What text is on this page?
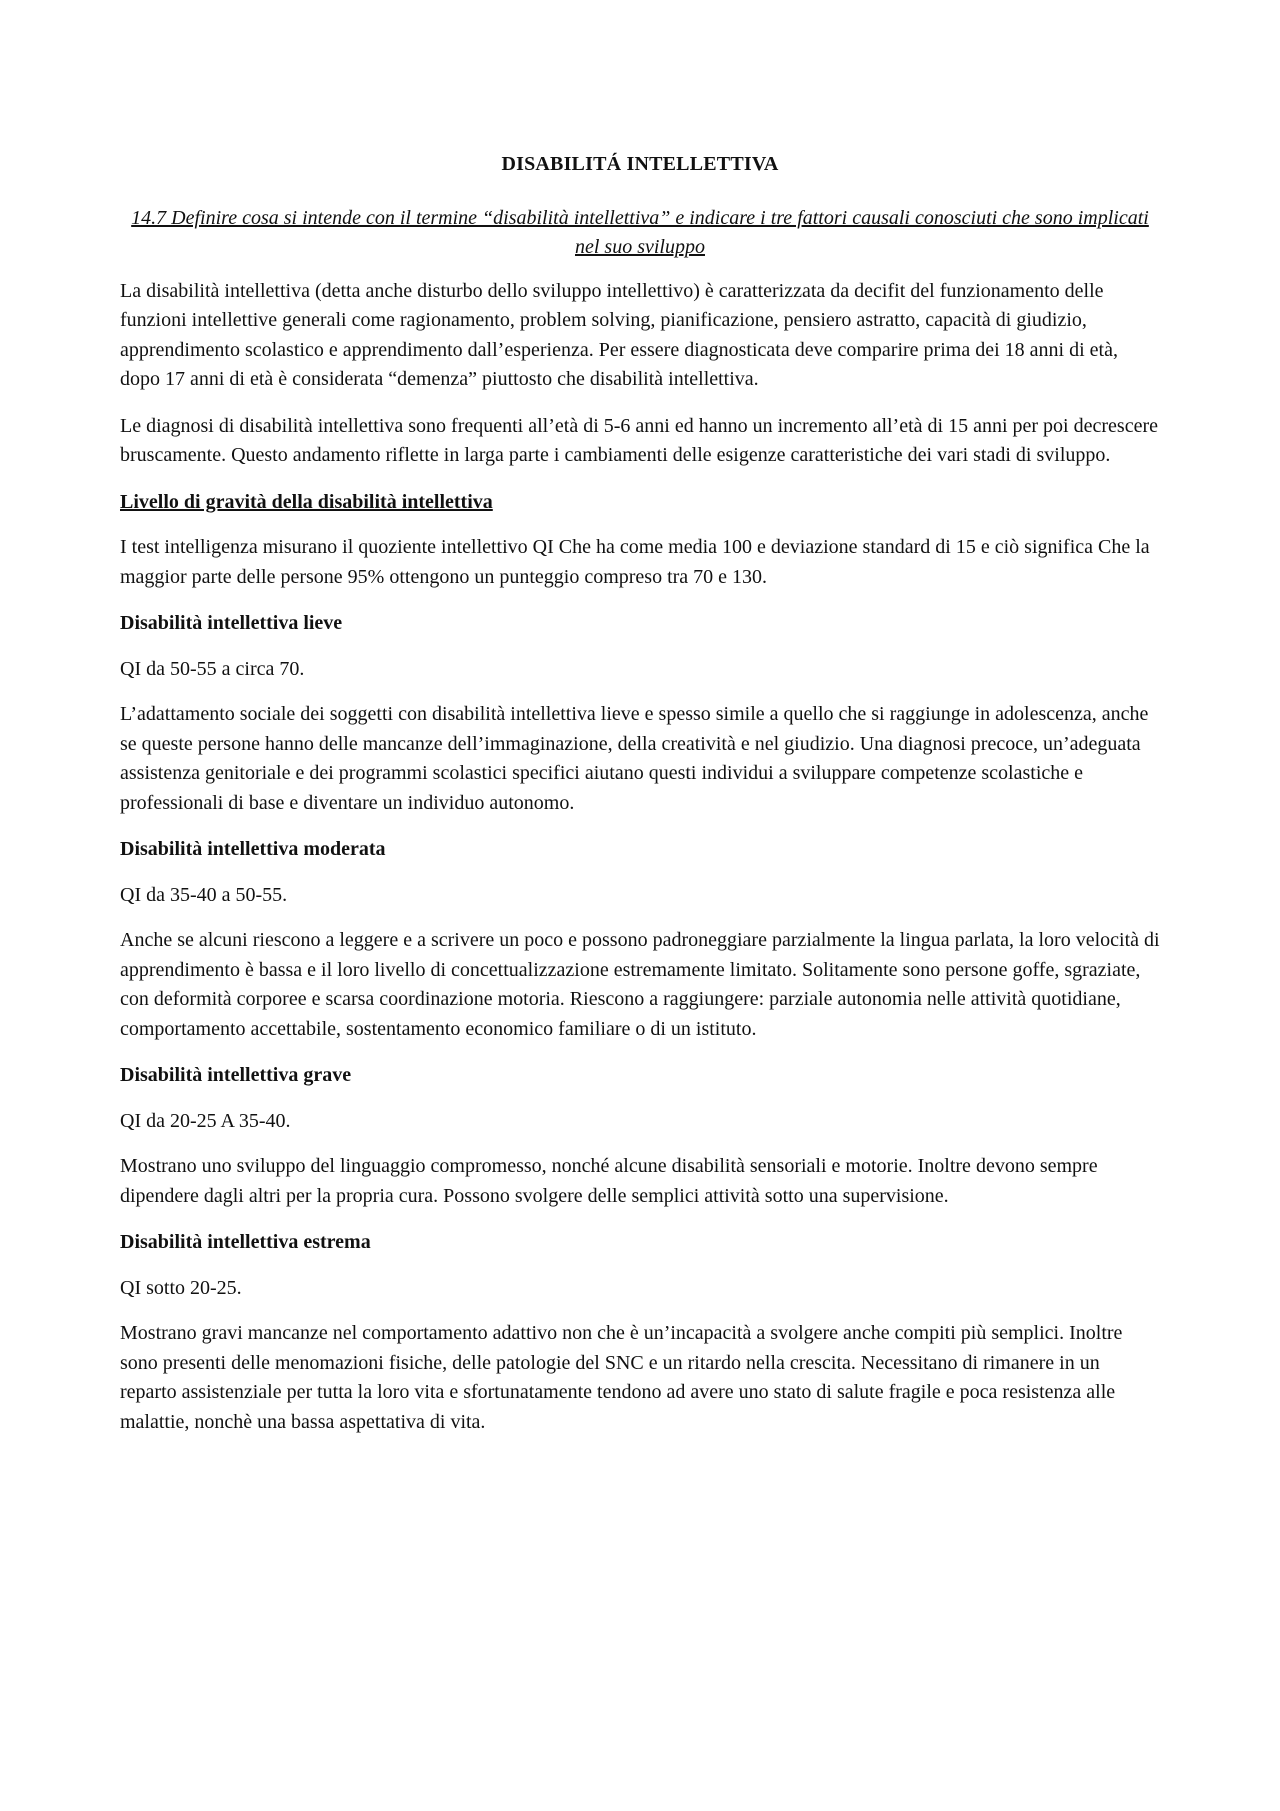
DISABILITÁ INTELLETTIVA
14.7 Definire cosa si intende con il termine “disabilità intellettiva” e indicare i tre fattori causali conosciuti che sono implicati nel suo sviluppo

La disabilità intellettiva (detta anche disturbo dello sviluppo intellettivo) è caratterizzata da decifit del funzionamento delle funzioni intellettive generali come ragionamento, problem solving, pianificazione, pensiero astratto, capacità di giudizio, apprendimento scolastico e apprendimento dall’esperienza. Per essere diagnosticata deve comparire prima dei 18 anni di età, dopo 17 anni di età è considerata “demenza” piuttosto che disabilità intellettiva.

Le diagnosi di disabilità intellettiva sono frequenti all’età di 5-6 anni ed hanno un incremento all’età di 15 anni per poi decrescere bruscamente. Questo andamento riflette in larga parte i cambiamenti delle esigenze caratteristiche dei vari stadi di sviluppo.

Livello di gravità della disabilità intellettiva

I test intelligenza misurano il quoziente intellettivo QI Che ha come media 100 e deviazione standard di 15 e ciò significa Che la maggior parte delle persone 95% ottengono un punteggio compreso tra 70 e 130.

Disabilità intellettiva lieve
QI da 50-55 a circa 70.

L’adattamento sociale dei soggetti con disabilità intellettiva lieve e spesso simile a quello che si raggiunge in adolescenza, anche se queste persone hanno delle mancanze dell’immaginazione, della creatività e nel giudizio. Una diagnosi precoce, un’adeguata assistenza genitoriale e dei programmi scolastici specifici aiutano questi individui a sviluppare competenze scolastiche e professionali di base e diventare un individuo autonomo.

Disabilità intellettiva moderata
QI da 35-40 a 50-55.

Anche se alcuni riescono a leggere e a scrivere un poco e possono padroneggiare parzialmente la lingua parlata, la loro velocità di apprendimento è bassa e il loro livello di concettualizzazione estremamente limitato. Solitamente sono persone goffe, sgraziate, con deformità corporee e scarsa coordinazione motoria. Riescono a raggiungere: parziale autonomia nelle attività quotidiane, comportamento accettabile, sostentamento economico familiare o di un istituto.

Disabilità intellettiva grave
QI da 20-25 A 35-40.

Mostrano uno sviluppo del linguaggio compromesso, nonché alcune disabilità sensoriali e motorie. Inoltre devono sempre dipendere dagli altri per la propria cura. Possono svolgere delle semplici attività sotto una supervisione.

Disabilità intellettiva estrema
QI sotto 20-25.

Mostrano gravi mancanze nel comportamento adattivo non che è un’incapacità a svolgere anche compiti più semplici. Inoltre sono presenti delle menomazioni fisiche, delle patologie del SNC e un ritardo nella crescita. Necessitano di rimanere in un reparto assistenziale per tutta la loro vita e sfortunatamente tendono ad avere uno stato di salute fragile e poca resistenza alle malattie, nonchè una bassa aspettativa di vita.
